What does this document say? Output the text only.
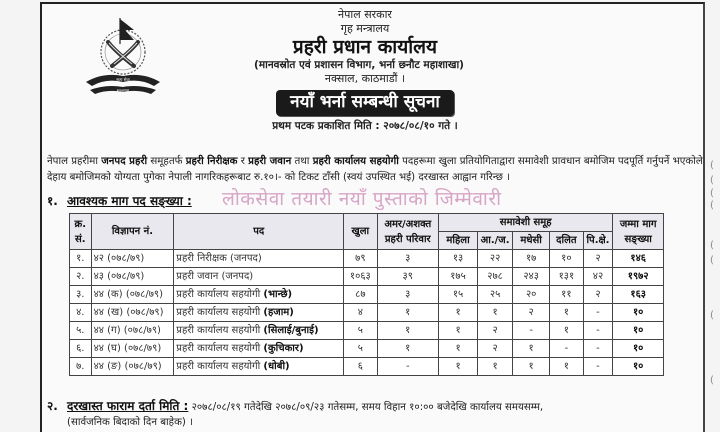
(
(
(
(
(
(
(
(
सत्य सेवा
सुरक्षणम्
नेपाल सरकार
गृह मन्त्रालय
प्रहरी प्रधान कार्यालय
(मानवस्रोत एवं प्रशासन विभाग, भर्ना छनौट महाशाखा)
नक्साल, काठमाडौं ।
नयाँ भर्ना सम्बन्धी सूचना
प्रथम पटक प्रकाशित मिति : २०७८/०८/१० गते ।
नेपाल प्रहरीमा जनपद प्रहरी समूहतर्फ प्रहरी निरीक्षक र प्रहरी जवान तथा प्रहरी कार्यालय सहयोगी पदहरूमा खुला प्रतियोगिताद्वारा समावेशी प्रावधान बमोजिम पदपूर्ति गर्नुपर्ने भएकोले देहाय बमोजिमको योग्यता पुगेका नेपाली नागरिकहरूबाट रु.१०।- को टिकट टाँसी (स्वयं उपस्थित भई) दरखास्त आह्वान गरिन्छ ।
१. आवश्यक माग पद सङ्ख्या : लोकसेवा तयारी नयाँ पुस्ताको जिम्मेवारी
क्र. सं.	विज्ञापन नं.	पद	खुला	अमर/अशक्त प्रहरी परिवार	समावेशी समूह					जम्मा माग सङ्ख्या
					महिला	आ./ज.	मधेसी	दलित	पि.क्षे.	
१.	४२ (०७८/७९)	प्रहरी निरीक्षक (जनपद)	७९	३	१३	२२	१७	१०	२	१४६
२.	४३ (०७८/७९)	प्रहरी जवान (जनपद)	१०६३	३९	१७५	२७८	२४३	१३१	४२	१९७२
३.	४४ (क) (०७८/७९)	प्रहरी कार्यालय सहयोगी (भान्छे)	८७	३	१५	२५	२०	११	२	१६३
४.	४४ (ख) (०७८/७९)	प्रहरी कार्यालय सहयोगी (हजाम)	४	१	१	१	२	१	-	१०
५.	४४ (ग) (०७८/७९)	प्रहरी कार्यालय सहयोगी (सिलाई/बुनाई)	५	१	१	२	-	१	-	१०
६.	४४ (घ) (०७८/७९)	प्रहरी कार्यालय सहयोगी (कुचिकार)	५	१	१	२	१	-	-	१०
७.	४४ (ङ) (०७८/७९)	प्रहरी कार्यालय सहयोगी (धोबी)	६	-	१	१	१	१	-	१०
२. दरखास्त फाराम दर्ता मिति : २०७८/०८/१९ गतेदेखि २०७८/०९/२३ गतेसम्म, समय विहान १०:०० बजेदेखि कार्यालय समयसम्म,
(सार्वजनिक बिदाको दिन बाहेक) ।
